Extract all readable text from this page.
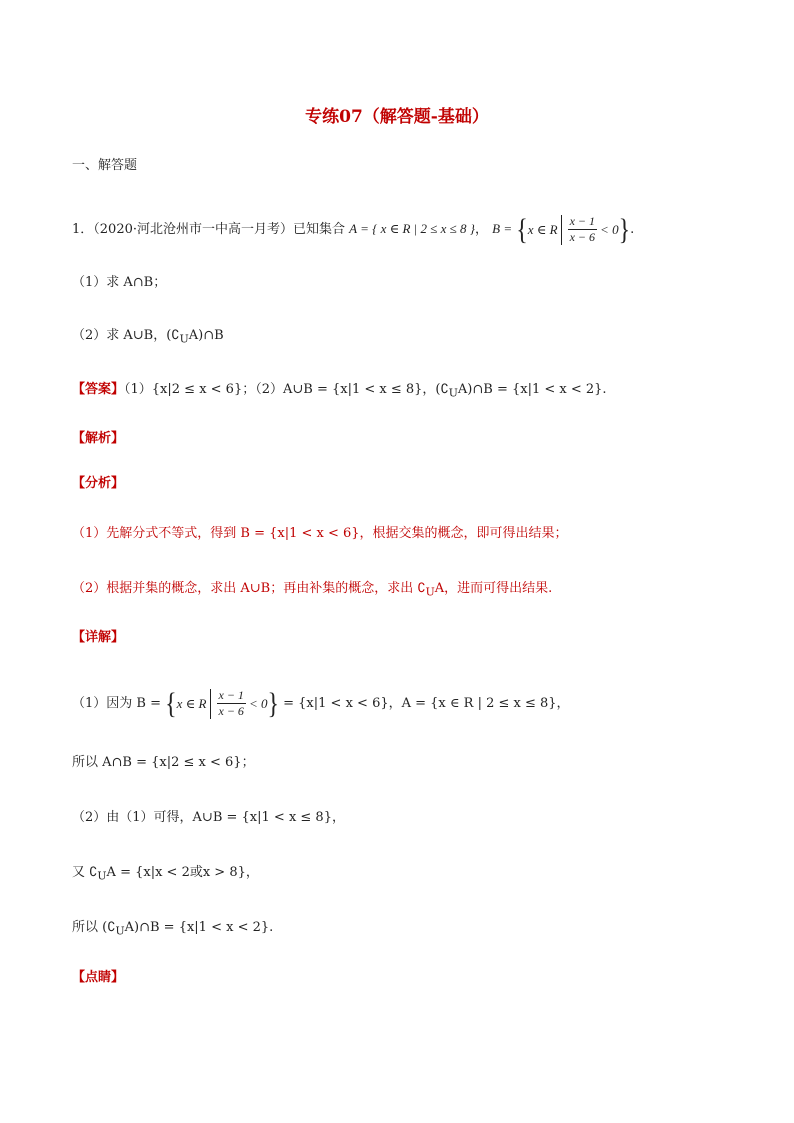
专练07（解答题-基础）
一、解答题
1．（2020·河北沧州市一中高一月考）已知集合 A = { x ∈ R | 2 ≤ x ≤ 8 }， B = { x ∈ R $\frac{x - 1}{x - 6} < 0$ } .
（1）求 A∩B；
（2）求 A∪B，$(∁_UA)\cap B$
【答案】（1）{x|2 ≤ x < 6}；（2）A∪B = {x|1 < x ≤ 8}，$(∁_UA)\cap B = \{x|1 < x < 2\}$.
【解析】
【分析】
（1）先解分式不等式，得到 B = {x|1 < x < 6}，根据交集的概念，即可得出结果；
（2）根据并集的概念，求出 A∪B；再由补集的概念，求出 $∁_UA$，进而可得出结果.
【详解】
（1）因为 B = { x ∈ R $\frac{x - 1}{x - 6} < 0$ } = {x|1 < x < 6}，A = {x ∈ R | 2 ≤ x ≤ 8}，
所以 A∩B = {x|2 ≤ x < 6}；
（2）由（1）可得，A∪B = {x|1 < x ≤ 8}，
又 $∁_UA = \{x|x < 2$或x > 8}，
所以 $(∁_UA)\cap B = \{x|1 < x < 2\}$.
【点睛】
